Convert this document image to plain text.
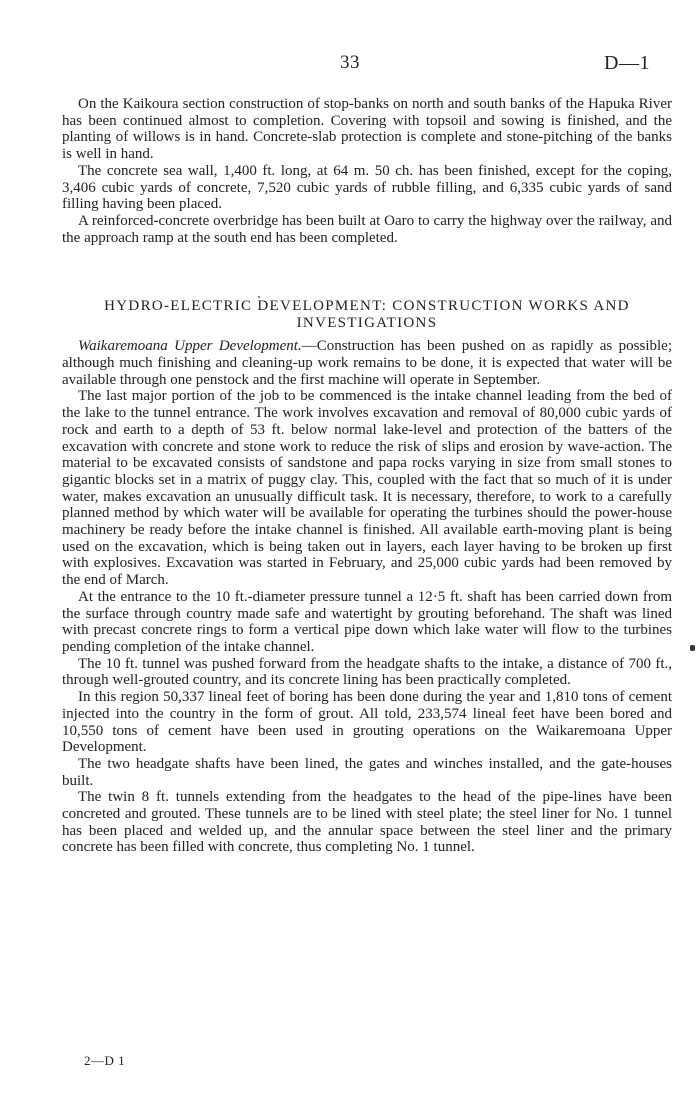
33	D—1

On the Kaikoura section construction of stop-banks on north and south banks of the Hapuka River has been continued almost to completion. Covering with topsoil and sowing is finished, and the planting of willows is in hand. Concrete-slab protection is complete and stone-pitching of the banks is well in hand.

The concrete sea wall, 1,400 ft. long, at 64 m. 50 ch. has been finished, except for the coping, 3,406 cubic yards of concrete, 7,520 cubic yards of rubble filling, and 6,335 cubic yards of sand filling having been placed.

A reinforced-concrete overbridge has been built at Oaro to carry the highway over the railway, and the approach ramp at the south end has been completed.

HYDRO-ELECTRIC DEVELOPMENT: CONSTRUCTION WORKS AND INVESTIGATIONS

Waikaremoana Upper Development.—Construction has been pushed on as rapidly as possible; although much finishing and cleaning-up work remains to be done, it is expected that water will be available through one penstock and the first machine will operate in September.

The last major portion of the job to be commenced is the intake channel leading from the bed of the lake to the tunnel entrance. The work involves excavation and removal of 80,000 cubic yards of rock and earth to a depth of 53 ft. below normal lake-level and protection of the batters of the excavation with concrete and stone work to reduce the risk of slips and erosion by wave-action. The material to be excavated consists of sandstone and papa rocks varying in size from small stones to gigantic blocks set in a matrix of puggy clay. This, coupled with the fact that so much of it is under water, makes excavation an unusually difficult task. It is necessary, therefore, to work to a carefully planned method by which water will be available for operating the turbines should the power-house machinery be ready before the intake channel is finished. All available earth-moving plant is being used on the excavation, which is being taken out in layers, each layer having to be broken up first with explosives. Excavation was started in February, and 25,000 cubic yards had been removed by the end of March.

At the entrance to the 10 ft.-diameter pressure tunnel a 12·5 ft. shaft has been carried down from the surface through country made safe and watertight by grouting beforehand. The shaft was lined with precast concrete rings to form a vertical pipe down which lake water will flow to the turbines pending completion of the intake channel.

The 10 ft. tunnel was pushed forward from the headgate shafts to the intake, a distance of 700 ft., through well-grouted country, and its concrete lining has been practically completed.

In this region 50,337 lineal feet of boring has been done during the year and 1,810 tons of cement injected into the country in the form of grout. All told, 233,574 lineal feet have been bored and 10,550 tons of cement have been used in grouting operations on the Waikaremoana Upper Development.

The two headgate shafts have been lined, the gates and winches installed, and the gate-houses built.

The twin 8 ft. tunnels extending from the headgates to the head of the pipe-lines have been concreted and grouted. These tunnels are to be lined with steel plate; the steel liner for No. 1 tunnel has been placed and welded up, and the annular space between the steel liner and the primary concrete has been filled with concrete, thus completing No. 1 tunnel.

2—D 1
